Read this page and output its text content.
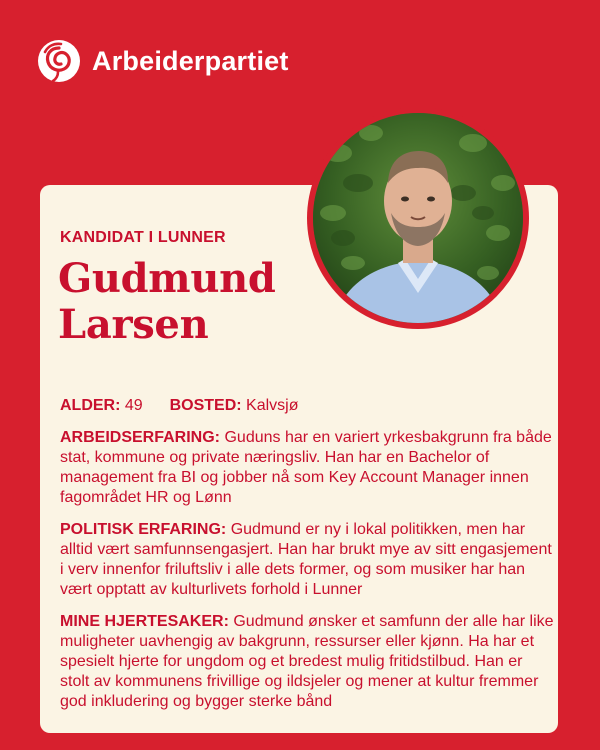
Arbeiderpartiet
KANDIDAT I LUNNER
Gudmund
Larsen

ALDER: 49 BOSTED: Kalvsjø

ARBEIDSERFARING: Guduns har en variert yrkesbakgrunn fra både stat, kommune og private næringsliv. Han har en Bachelor of management fra BI og jobber nå som Key Account Manager innen fagområdet HR og Lønn

POLITISK ERFARING: Gudmund er ny i lokal politikken, men har alltid vært samfunnsengasjert. Han har brukt mye av sitt engasjement i verv innenfor friluftsliv i alle dets former, og som musiker har han vært opptatt av kulturlivets forhold i Lunner

MINE HJERTESAKER: Gudmund ønsker et samfunn der alle har like muligheter uavhengig av bakgrunn, ressurser eller kjønn. Ha har et spesielt hjerte for ungdom og et bredest mulig fritidstilbud. Han er stolt av kommunens frivillige og ildsjeler og mener at kultur fremmer god inkludering og bygger sterke bånd
